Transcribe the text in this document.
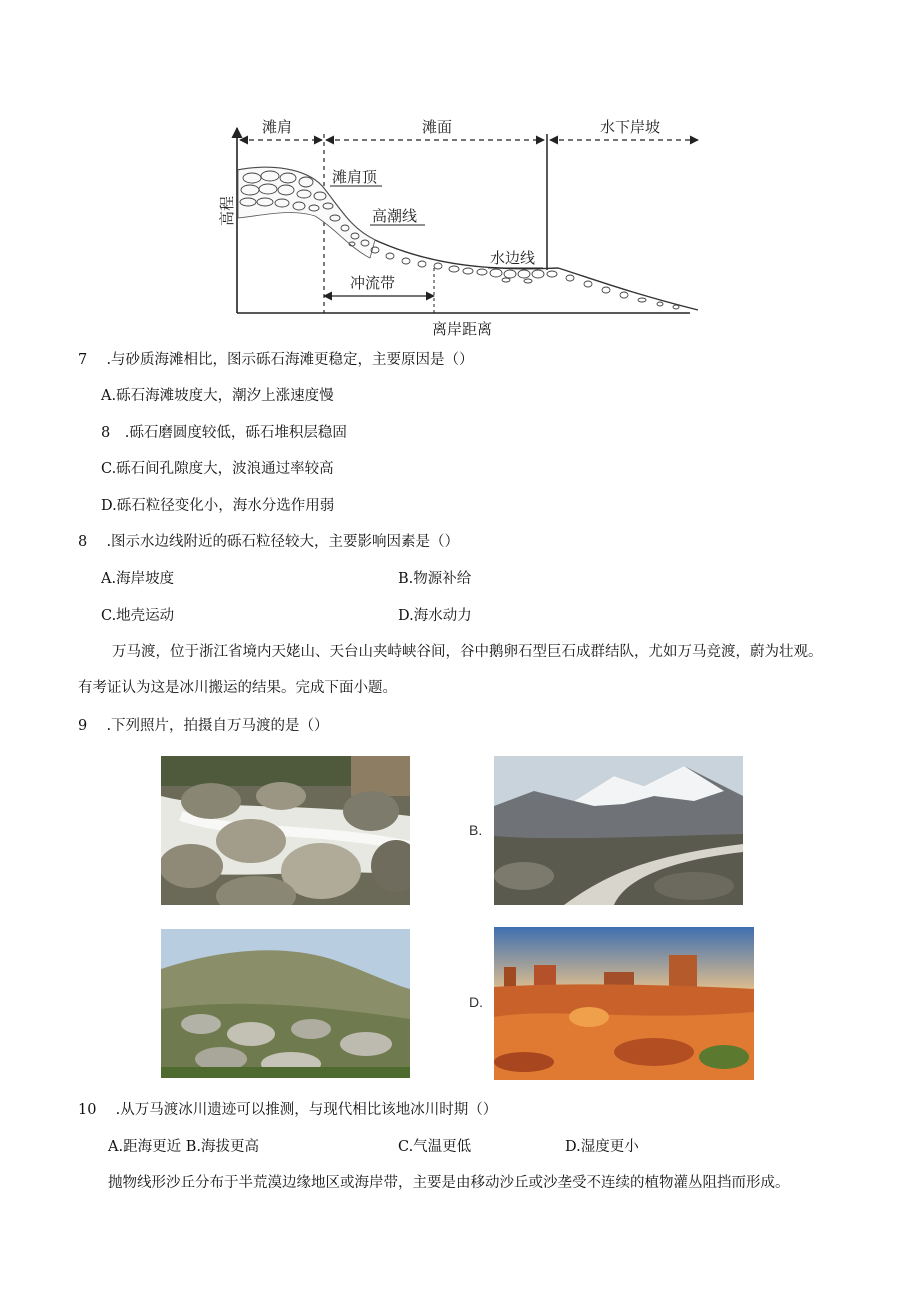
滩肩	滩面	水下岸坡
滩肩顶
高潮线
水边线
冲流带
离岸距离
高程
7 .与砂质海滩相比，图示砾石海滩更稳定，主要原因是（）
A.砾石海滩坡度大，潮汐上涨速度慢
8　.砾石磨圆度较低，砾石堆积层稳固
C.砾石间孔隙度大，波浪通过率较高
D.砾石粒径变化小，海水分选作用弱
8 .图示水边线附近的砾石粒径较大，主要影响因素是（）
A.海岸坡度	B.物源补给
C.地壳运动	D.海水动力
万马渡，位于浙江省境内天姥山、天台山夹峙峡谷间，谷中鹅卵石型巨石成群结队，尤如万马竞渡，蔚为壮观。有考证认为这是冰川搬运的结果。完成下面小题。
9 .下列照片，拍摄自万马渡的是（）
B.
D.
10 .从万马渡冰川遗迹可以推测，与现代相比该地冰川时期（）
A.距海更近 B.海拔更高	C.气温更低	D.湿度更小
抛物线形沙丘分布于半荒漠边缘地区或海岸带，主要是由移动沙丘或沙垄受不连续的植物灌丛阻挡而形成。
